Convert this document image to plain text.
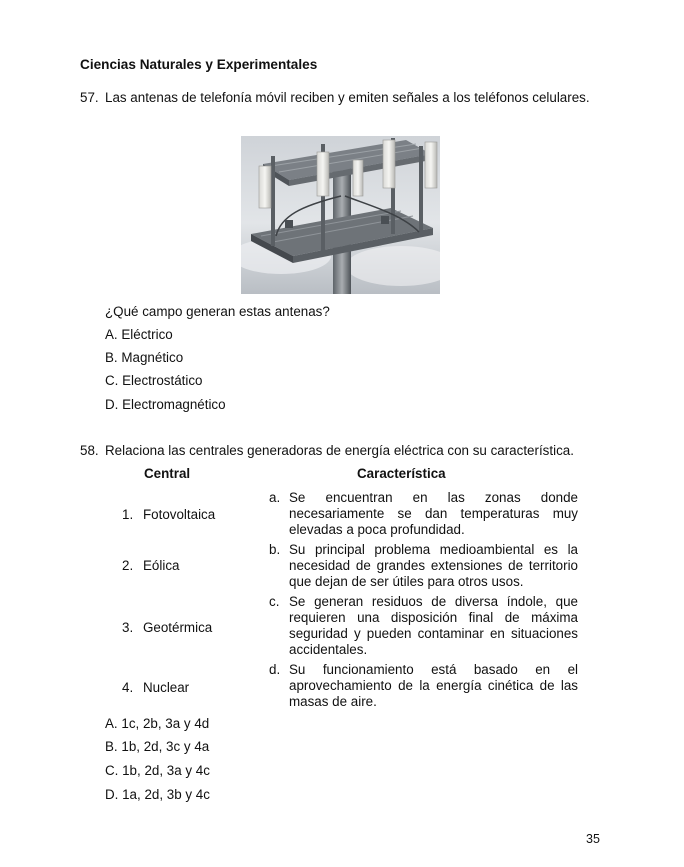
Ciencias Naturales y Experimentales
57. Las antenas de telefonía móvil reciben y emiten señales a los teléfonos celulares.
¿Qué campo generan estas antenas?
A. Eléctrico
B. Magnético
C. Electrostático
D. Electromagnético
58. Relaciona las centrales generadoras de energía eléctrica con su característica.
Central	Característica
1. Fotovoltaica
2. Eólica
3. Geotérmica
4. Nuclear
a. Se encuentran en las zonas donde necesariamente se dan temperaturas muy elevadas a poca profundidad.
b. Su principal problema medioambiental es la necesidad de grandes extensiones de territorio que dejan de ser útiles para otros usos.
c. Se generan residuos de diversa índole, que requieren una disposición final de máxima seguridad y pueden contaminar en situaciones accidentales.
d. Su funcionamiento está basado en el aprovechamiento de la energía cinética de las masas de aire.
A. 1c, 2b, 3a y 4d
B. 1b, 2d, 3c y 4a
C. 1b, 2d, 3a y 4c
D. 1a, 2d, 3b y 4c
35
